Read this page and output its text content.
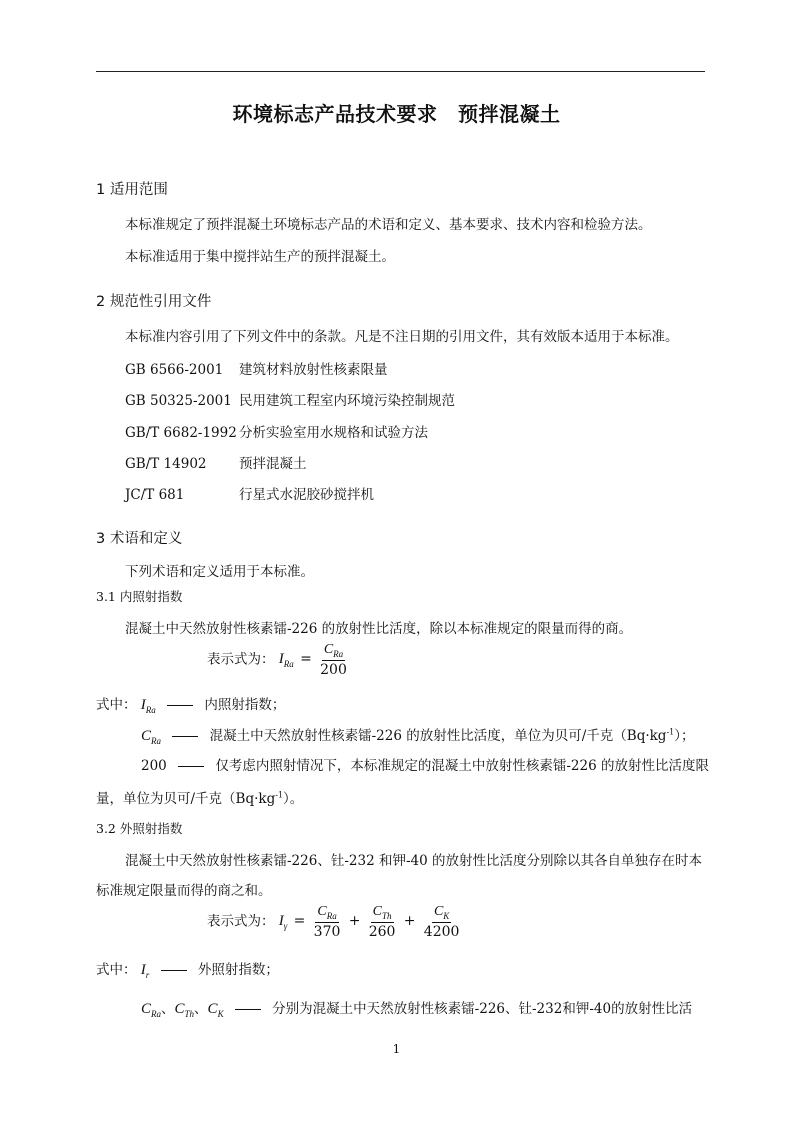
环境标志产品技术要求　预拌混凝土
1 适用范围
本标准规定了预拌混凝土环境标志产品的术语和定义、基本要求、技术内容和检验方法。
本标准适用于集中搅拌站生产的预拌混凝土。
2 规范性引用文件
本标准内容引用了下列文件中的条款。凡是不注日期的引用文件，其有效版本适用于本标准。
GB 6566-2001 建筑材料放射性核素限量
GB 50325-2001 民用建筑工程室内环境污染控制规范
GB/T 6682-1992 分析实验室用水规格和试验方法
GB/T 14902 预拌混凝土
JC/T 681	行星式水泥胶砂搅拌机
3 术语和定义
下列术语和定义适用于本标准。
3.1 内照射指数
混凝土中天然放射性核素镭-226 的放射性比活度，除以本标准规定的限量而得的商。
表示式为： $I_{Ra} = \frac{C_{Ra}}{200}$
式中： $I_{Ra}$	内照射指数；
$C_{Ra}$	混凝土中天然放射性核素镭-226 的放射性比活度，单位为贝可/千克$(Bq\cdot kg^{-1})$；
200	仅考虑内照射情况下，本标准规定的混凝土中放射性核素镭-226 的放射性比活度限
量，单位为贝可/千克$(Bq\cdot kg^{-1})$。
3.2 外照射指数
混凝土中天然放射性核素镭-226、钍-232 和钾-40 的放射性比活度分别除以其各自单独存在时本
标准规定限量而得的商之和。
表示式为： $I_\gamma = \frac{C_{Ra}}{370} + \frac{C_{Th}}{260} + \frac{C_K}{4200}$
式中： $I_r$	外照射指数；
$C_{Ra}$、$C_{Th}$、$C_K$	分别为混凝土中天然放射性核素镭-226、钍-232和钾-40的放射性比活
1
